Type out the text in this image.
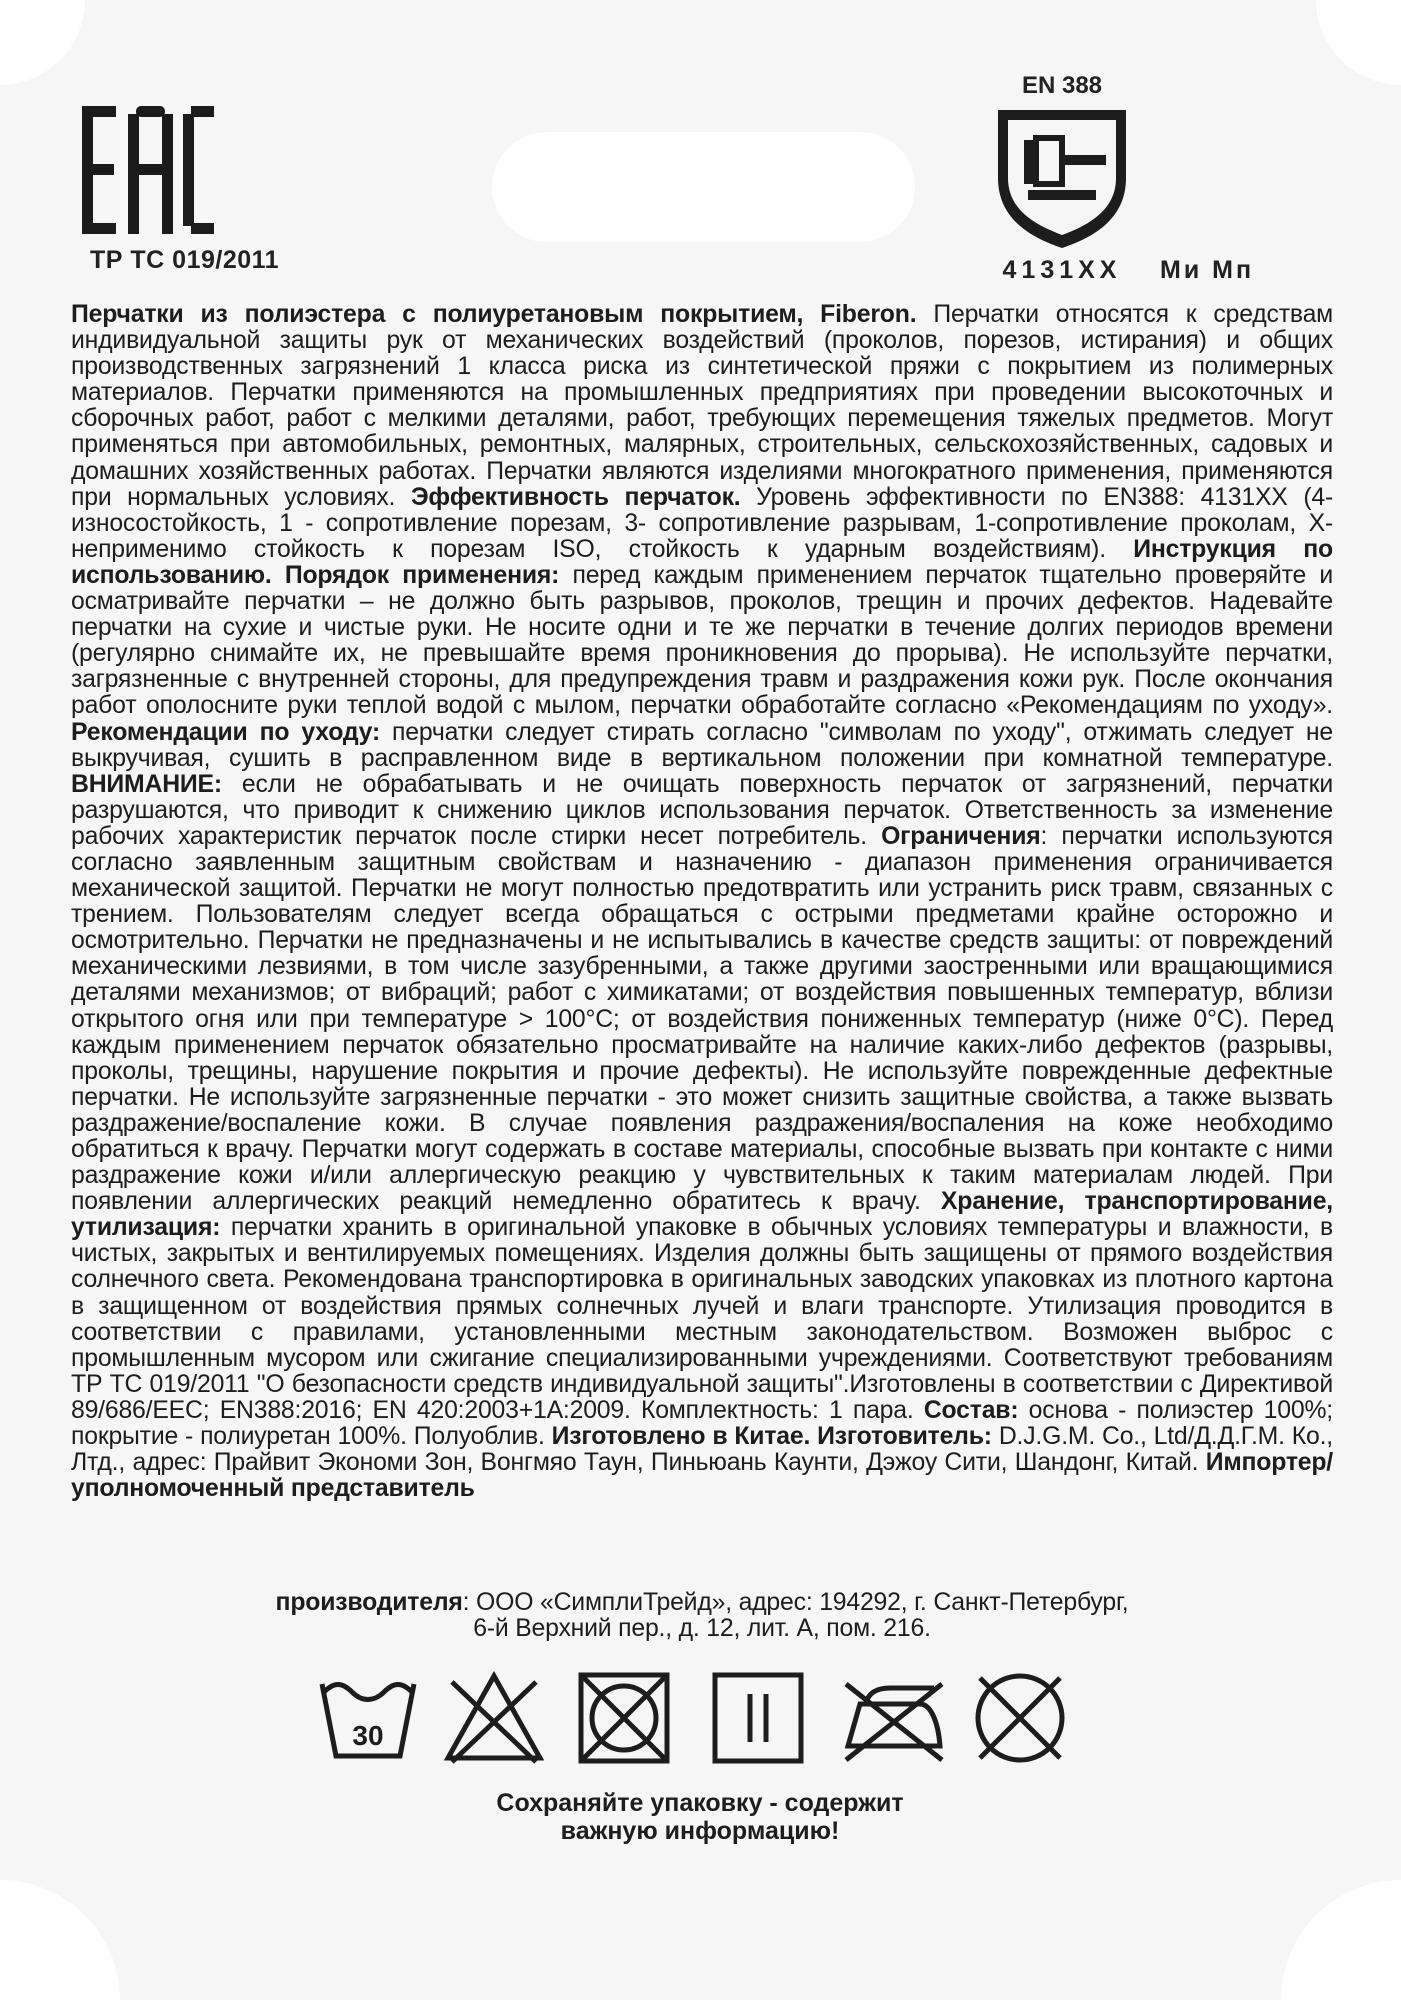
ТР ТС 019/2011
EN 388
4131XX	Ми Мп
Перчатки из полиэстера с полиуретановым покрытием, Fiberon. Перчатки относятся к средствам индивидуальной защиты рук от механических воздействий (проколов, порезов, истирания) и общих производственных загрязнений 1 класса риска из синтетической пряжи с покрытием из полимерных материалов. Перчатки применяются на промышленных предприятиях при проведении высокоточных и сборочных работ, работ с мелкими деталями, работ, требующих перемещения тяжелых предметов. Могут применяться при автомобильных, ремонтных, малярных, строительных, сельскохозяйственных, садовых и домашних хозяйственных работах. Перчатки являются изделиями многократного применения, применяются при нормальных условиях. Эффективность перчаток. Уровень эффективности по EN388: 4131XX (4-износостойкость, 1 - сопротивление порезам, 3- сопротивление разрывам, 1-сопротивление проколам, X-неприменимо стойкость к порезам ISO, стойкость к ударным воздействиям). Инструкция по использованию. Порядок применения: перед каждым применением перчаток тщательно проверяйте и осматривайте перчатки – не должно быть разрывов, проколов, трещин и прочих дефектов. Надевайте перчатки на сухие и чистые руки. Не носите одни и те же перчатки в течение долгих периодов времени (регулярно снимайте их, не превышайте время проникновения до прорыва). Не используйте перчатки, загрязненные с внутренней стороны, для предупреждения травм и раздражения кожи рук. После окончания работ ополосните руки теплой водой с мылом, перчатки обработайте согласно «Рекомендациям по уходу». Рекомендации по уходу: перчатки следует стирать согласно "символам по уходу", отжимать следует не выкручивая, сушить в расправленном виде в вертикальном положении при комнатной температуре. ВНИМАНИЕ: если не обрабатывать и не очищать поверхность перчаток от загрязнений, перчатки разрушаются, что приводит к снижению циклов использования перчаток. Ответственность за изменение рабочих характеристик перчаток после стирки несет потребитель. Ограничения: перчатки используются согласно заявленным защитным свойствам и назначению - диапазон применения ограничивается механической защитой. Перчатки не могут полностью предотвратить или устранить риск травм, связанных с трением. Пользователям следует всегда обращаться с острыми предметами крайне осторожно и осмотрительно. Перчатки не предназначены и не испытывались в качестве средств защиты: от повреждений механическими лезвиями, в том числе зазубренными, а также другими заостренными или вращающимися деталями механизмов; от вибраций; работ с химикатами; от воздействия повышенных температур, вблизи открытого огня или при температуре > 100°С; от воздействия пониженных температур (ниже 0°С). Перед каждым применением перчаток обязательно просматривайте на наличие каких-либо дефектов (разрывы, проколы, трещины, нарушение покрытия и прочие дефекты). Не используйте поврежденные дефектные перчатки. Не используйте загрязненные перчатки - это может снизить защитные свойства, а также вызвать раздражение/воспаление кожи. В случае появления раздражения/воспаления на коже необходимо обратиться к врачу. Перчатки могут содержать в составе материалы, способные вызвать при контакте с ними раздражение кожи и/или аллергическую реакцию у чувствительных к таким материалам людей. При появлении аллергических реакций немедленно обратитесь к врачу. Хранение, транспортирование, утилизация: перчатки хранить в оригинальной упаковке в обычных условиях температуры и влажности, в чистых, закрытых и вентилируемых помещениях. Изделия должны быть защищены от прямого воздействия солнечного света. Рекомендована транспортировка в оригинальных заводских упаковках из плотного картона в защищенном от воздействия прямых солнечных лучей и влаги транспорте. Утилизация проводится в соответствии с правилами, установленными местным законодательством. Возможен выброс с промышленным мусором или сжигание специализированными учреждениями. Соответствуют требованиям ТР ТС 019/2011 "О безопасности средств индивидуальной защиты".Изготовлены в соответствии с Директивой 89/686/ЕЕС; EN388:2016; EN 420:2003+1A:2009. Комплектность: 1 пара. Состав: основа - полиэстер 100%; покрытие - полиуретан 100%. Полуоблив. Изготовлено в Китае. Изготовитель: D.J.G.M. Co., Ltd/Д.Д.Г.М. Ко., Лтд., адрес: Прайвит Экономи Зон, Вонгмяо Таун, Пиньюань Каунти, Дэжоу Сити, Шандонг, Китай. Импортер/уполномоченный представитель
производителя: ООО «СимплиТрейд», адрес: 194292, г. Санкт-Петербург,
6-й Верхний пер., д. 12, лит. А, пом. 216.
30
Сохраняйте упаковку - содержит
важную информацию!
